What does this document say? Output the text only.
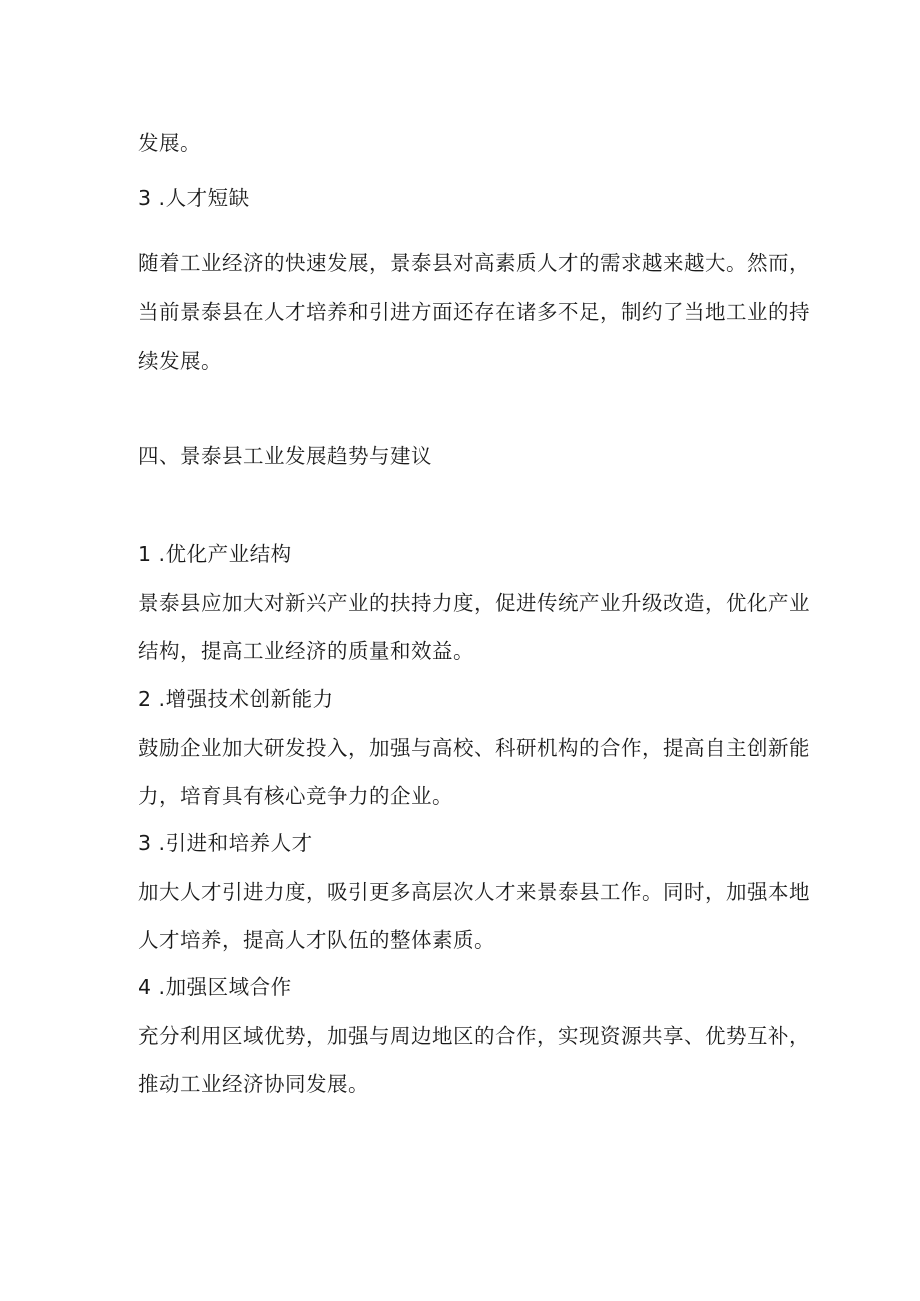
发展。
3 .人才短缺
随着工业经济的快速发展，景泰县对高素质人才的需求越来越大。然而，
当前景泰县在人才培养和引进方面还存在诸多不足，制约了当地工业的持
续发展。
四、景泰县工业发展趋势与建议
1 .优化产业结构
景泰县应加大对新兴产业的扶持力度，促进传统产业升级改造，优化产业
结构，提高工业经济的质量和效益。
2 .增强技术创新能力
鼓励企业加大研发投入，加强与高校、科研机构的合作，提高自主创新能
力，培育具有核心竞争力的企业。
3 .引进和培养人才
加大人才引进力度，吸引更多高层次人才来景泰县工作。同时，加强本地
人才培养，提高人才队伍的整体素质。
4 .加强区域合作
充分利用区域优势，加强与周边地区的合作，实现资源共享、优势互补，
推动工业经济协同发展。
